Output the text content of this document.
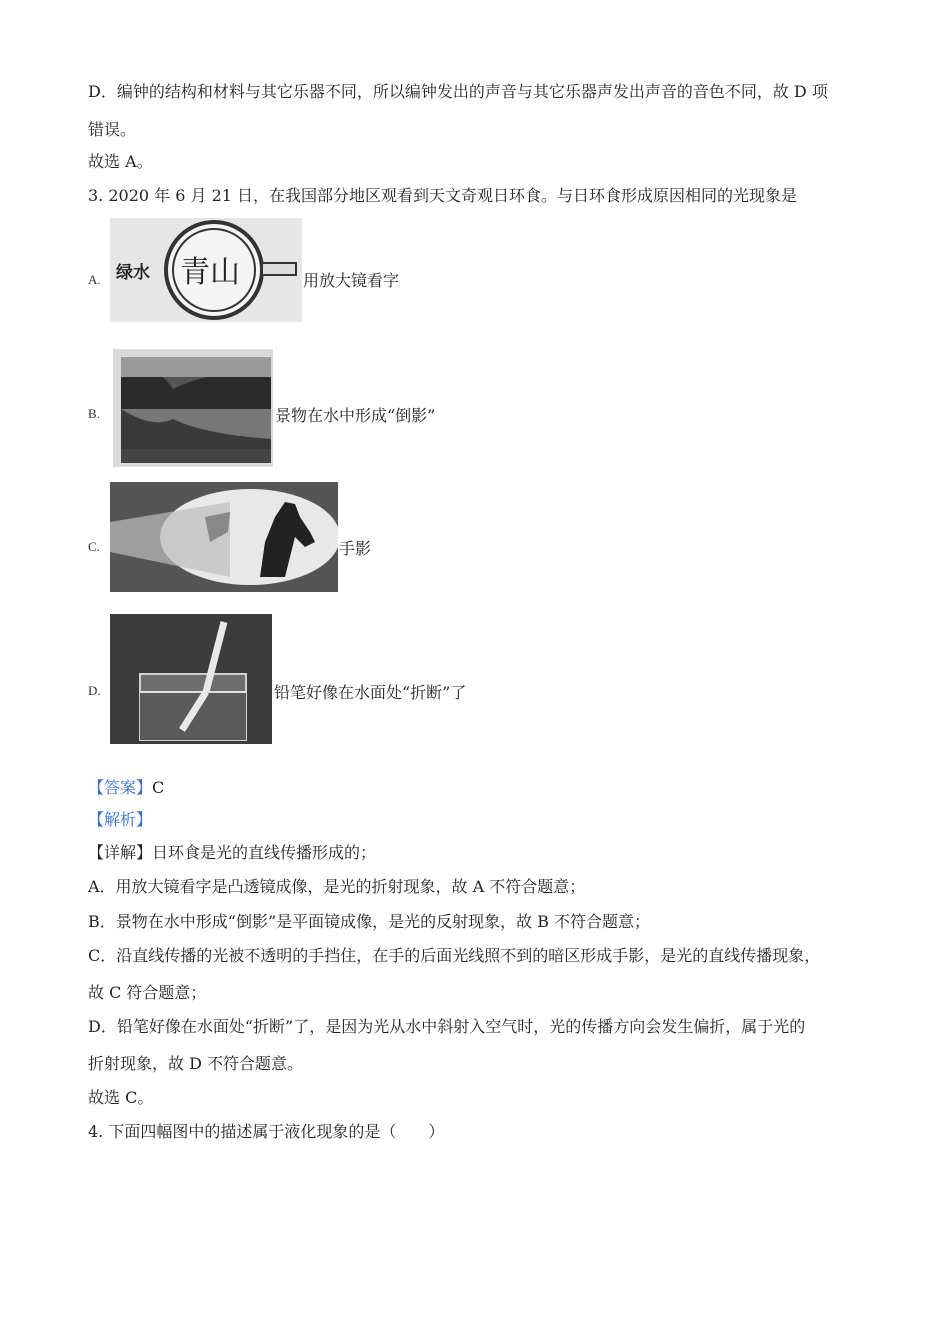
D．编钟的结构和材料与其它乐器不同，所以编钟发出的声音与其它乐器声发出声音的音色不同，故 D 项
错误。
故选 A。
3. 2020 年 6 月 21 日，在我国部分地区观看到天文奇观日环食。与日环食形成原因相同的光现象是
A. 绿水 青山	用放大镜看字
B.	景物在水中形成“倒影”
C.	手影
D.	铅笔好像在水面处“折断”了
【答案】C
【解析】
【详解】日环食是光的直线传播形成的；
A．用放大镜看字是凸透镜成像，是光的折射现象，故 A 不符合题意；
B．景物在水中形成“倒影”是平面镜成像，是光的反射现象，故 B 不符合题意；
C．沿直线传播的光被不透明的手挡住，在手的后面光线照不到的暗区形成手影，是光的直线传播现象，
故 C 符合题意；
D．铅笔好像在水面处“折断”了，是因为光从水中斜射入空气时，光的传播方向会发生偏折，属于光的
折射现象，故 D 不符合题意。
故选 C。
4. 下面四幅图中的描述属于液化现象的是（　　）
